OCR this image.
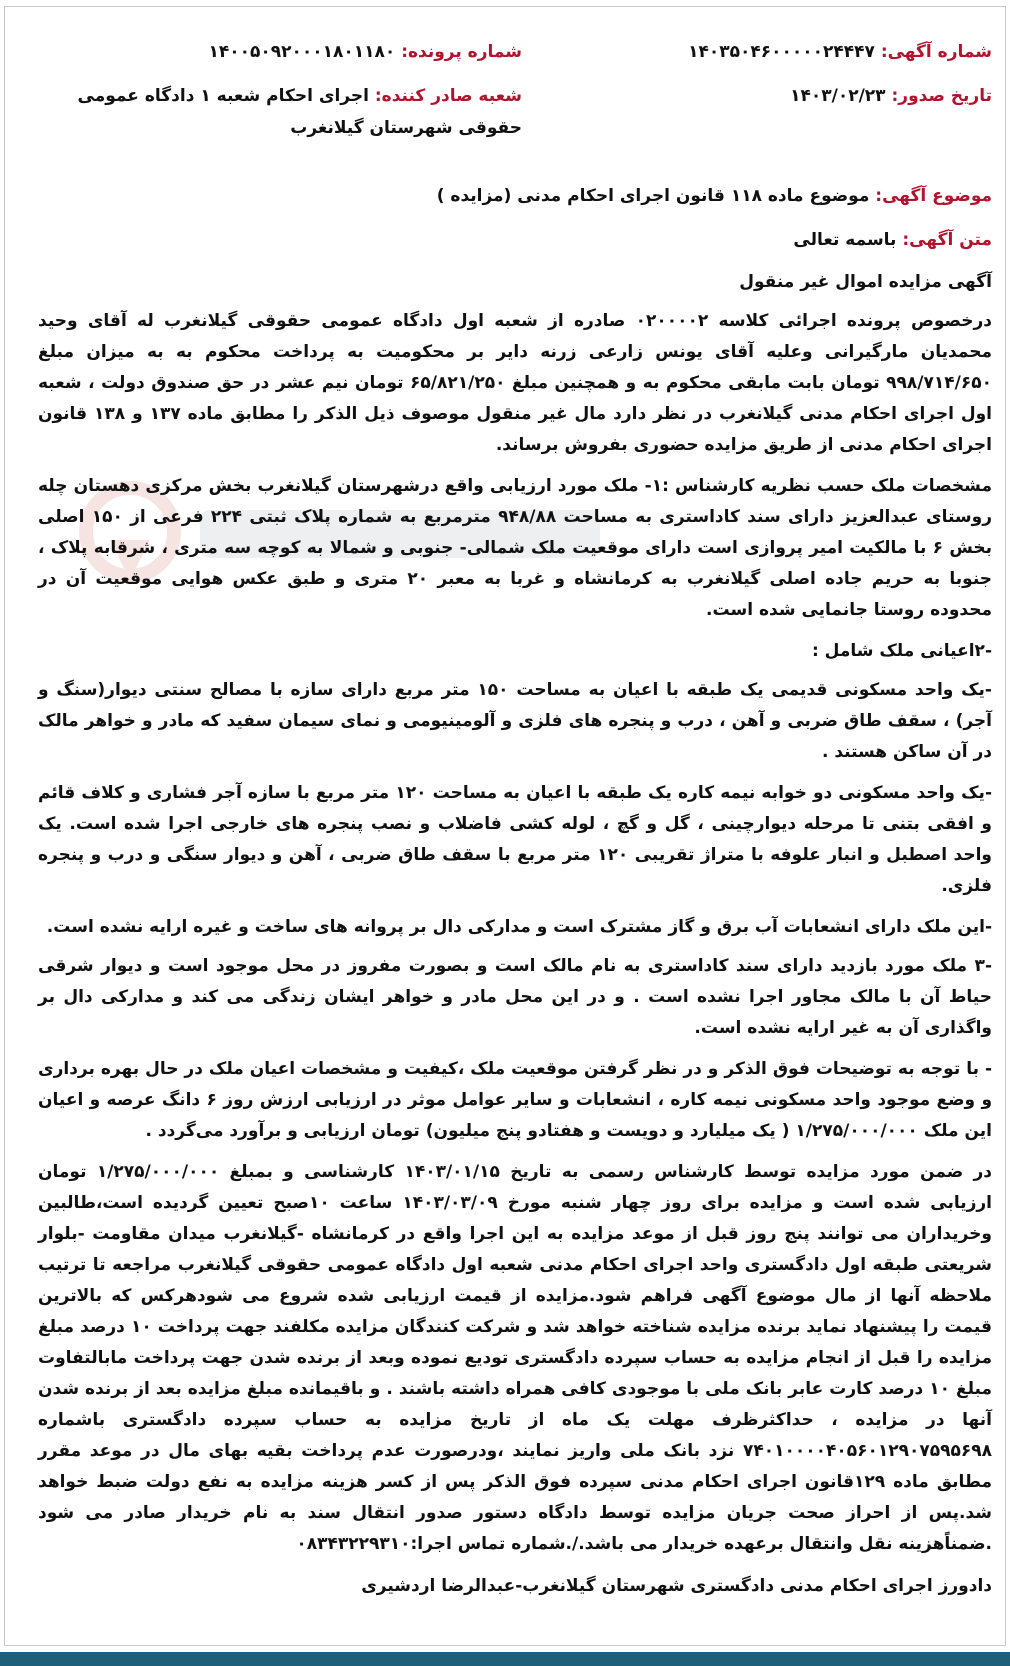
شماره آگهی: ۱۴۰۳۵۰۴۶۰۰۰۰۰۲۴۴۴۷
شماره پرونده: ۱۴۰۰۵۰۹۲۰۰۰۱۸۰۱۱۸۰
تاریخ صدور: ۱۴۰۳/۰۲/۲۳
شعبه صادر کننده: اجرای احکام شعبه ۱ دادگاه عمومی حقوقی شهرستان گیلانغرب
موضوع آگهی: موضوع ماده ۱۱۸ قانون اجرای احکام مدنی (مزایده )
متن آگهی: باسمه تعالی
آگهی مزایده اموال غیر منقول

درخصوص پرونده اجرائی کلاسه ۰۲۰۰۰۰۲ صادره از شعبه اول دادگاه عمومی حقوقی گیلانغرب له آقای وحید محمدیان مارگیرانی وعلیه آقای یونس زارعی زرنه دایر بر محکومیت به پرداخت محکوم به به میزان مبلغ ۹۹۸/۷۱۴/۶۵۰ تومان بابت مابقی محکوم به و همچنین مبلغ ۶۵/۸۲۱/۲۵۰ تومان نیم عشر در حق صندوق دولت ، شعبه اول اجرای احکام مدنی گیلانغرب در نظر دارد مال غیر منقول موصوف ذیل الذکر را مطابق ماده ۱۳۷ و ۱۳۸ قانون اجرای احکام مدنی از طریق مزایده حضوری بفروش برساند.

مشخصات ملک حسب نظریه کارشناس :۱- ملک مورد ارزیابی واقع درشهرستان گیلانغرب بخش مرکزی دهستان چله روستای عبدالعزیز دارای سند کاداستری به مساحت ۹۴۸/۸۸ مترمربع به شماره پلاک ثبتی ۲۲۴ فرعی از ۱۵۰ اصلی بخش ۶ با مالکیت امیر پروازی است دارای موقعیت ملک شمالی- جنوبی و شمالا به کوچه سه متری ، شرقابه پلاک ، جنوبا به حریم جاده اصلی گیلانغرب به کرمانشاه و غربا به معبر ۲۰ متری و طبق عکس هوایی موقعیت آن در محدوده روستا جانمایی شده است.

-۲اعیانی ملک شامل :

-یک واحد مسکونی قدیمی یک طبقه با اعیان به مساحت ۱۵۰ متر مربع دارای سازه با مصالح سنتی دیوار(سنگ و آجر) ، سقف طاق ضربی و آهن ، درب و پنجره های فلزی و آلومینیومی و نمای سیمان سفید که مادر و خواهر مالک در آن ساکن هستند .

-یک واحد مسکونی دو خوابه نیمه کاره یک طبقه با اعیان به مساحت ۱۲۰ متر مربع با سازه آجر فشاری و کلاف قائم و افقی بتنی تا مرحله دیوارچینی ، گل و گچ ، لوله کشی فاضلاب و نصب پنجره های خارجی اجرا شده است. یک واحد اصطبل و انبار علوفه با متراژ تقریبی ۱۲۰ متر مربع با سقف طاق ضربی ، آهن و دیوار سنگی و درب و پنجره فلزی.

-این ملک دارای انشعابات آب برق و گاز مشترک است و مدارکی دال بر پروانه های ساخت و غیره ارایه نشده است.

-۳ ملک مورد بازدید دارای سند کاداستری به نام مالک است و بصورت مفروز در محل موجود است و دیوار شرقی حیاط آن با مالک مجاور اجرا نشده است . و در این محل مادر و خواهر ایشان زندگی می کند و مدارکی دال بر واگذاری آن به غیر ارایه نشده است.

- با توجه به توضیحات فوق الذکر و در نظر گرفتن موقعیت ملک ،کیفیت و مشخصات اعیان ملک در حال بهره برداری و وضع موجود واحد مسکونی نیمه کاره ، انشعابات و سایر عوامل موثر در ارزیابی ارزش روز ۶ دانگ عرصه و اعیان این ملک ۱/۲۷۵/۰۰۰/۰۰۰ ( یک میلیارد و دویست و هفتادو پنج میلیون) تومان ارزیابی و برآورد می‌گردد .

در ضمن مورد مزایده توسط کارشناس رسمی به تاریخ ۱۴۰۳/۰۱/۱۵ کارشناسی و بمبلغ ۱/۲۷۵/۰۰۰/۰۰۰ تومان ارزیابی شده است و مزایده برای روز چهار شنبه مورخ ۱۴۰۳/۰۳/۰۹ ساعت ۱۰صبح تعیین گردیده است،طالبین وخریداران می توانند پنج روز قبل از موعد مزایده به این اجرا واقع در کرمانشاه -گیلانغرب میدان مقاومت -بلوار شریعتی طبقه اول دادگستری واحد اجرای احکام مدنی شعبه اول دادگاه عمومی حقوقی گیلانغرب مراجعه تا ترتیب ملاحظه آنها از مال موضوع آگهی فراهم شود.مزایده از قیمت ارزیابی شده شروع می شودهرکس که بالاترین قیمت را پیشنهاد نماید برنده مزایده شناخته خواهد شد و شرکت کنندگان مزایده مکلفند جهت پرداخت ۱۰ درصد مبلغ مزایده را قبل از انجام مزایده به حساب سپرده دادگستری تودیع نموده وبعد از برنده شدن جهت پرداخت مابالتفاوت مبلغ ۱۰ درصد کارت عابر بانک ملی با موجودی کافی همراه داشته باشند . و باقیمانده مبلغ مزایده بعد از برنده شدن آنها در مزایده ، حداکثرظرف مهلت یک ماه از تاریخ مزایده به حساب سپرده دادگستری باشماره ۷۴۰۱۰۰۰۰۴۰۵۶۰۱۲۹۰۷۵۹۵۶۹۸ نزد بانک ملی واریز نمایند ،ودرصورت عدم پرداخت بقیه بهای مال در موعد مقرر مطابق ماده ۱۲۹قانون اجرای احکام مدنی سپرده فوق الذکر پس از کسر هزینه مزایده به نفع دولت ضبط خواهد شد.پس از احراز صحت جریان مزایده توسط دادگاه دستور صدور انتقال سند به نام خریدار صادر می شود .ضمناًهزینه نقل وانتقال برعهده خریدار می باشد./.شماره تماس اجرا:۰۸۳۴۳۲۲۹۳۱۰

دادورز اجرای احکام مدنی دادگستری شهرستان گیلانغرب-عبدالرضا اردشیری
